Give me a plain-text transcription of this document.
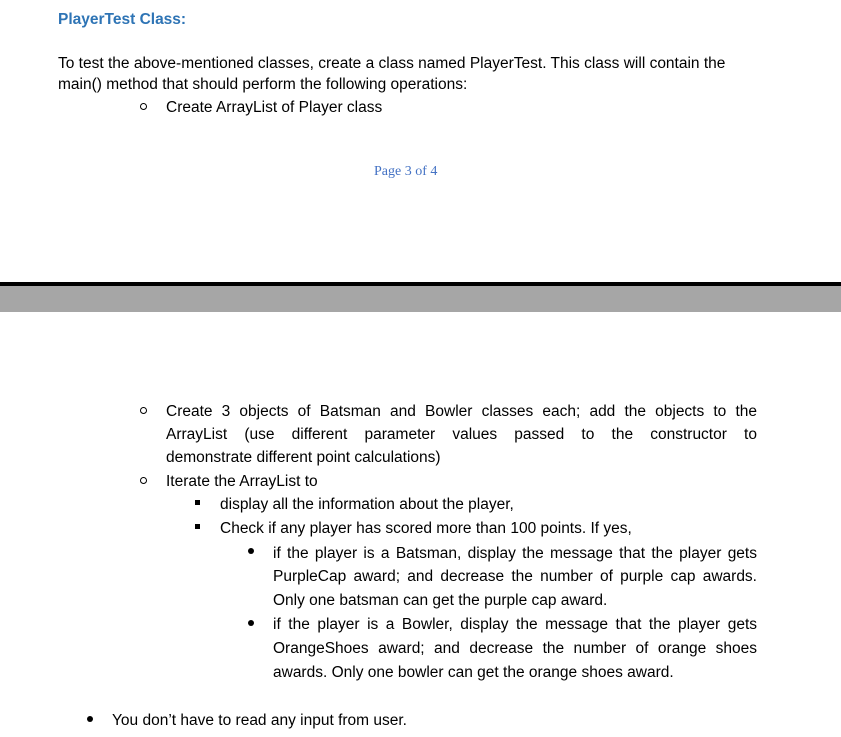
PlayerTest Class:
To test the above-mentioned classes, create a class named PlayerTest. This class will contain the
main() method that should perform the following operations:
Create ArrayList of Player class
Page 3 of 4
Create 3 objects of Batsman and Bowler classes each; add the objects to the
ArrayList (use different parameter values passed to the constructor to
demonstrate different point calculations)
Iterate the ArrayList to
display all the information about the player,
Check if any player has scored more than 100 points. If yes,
if the player is a Batsman, display the message that the player gets
PurpleCap award; and decrease the number of purple cap awards.
Only one batsman can get the purple cap award.
if the player is a Bowler, display the message that the player gets
OrangeShoes award; and decrease the number of orange shoes
awards. Only one bowler can get the orange shoes award.
You don’t have to read any input from user.
